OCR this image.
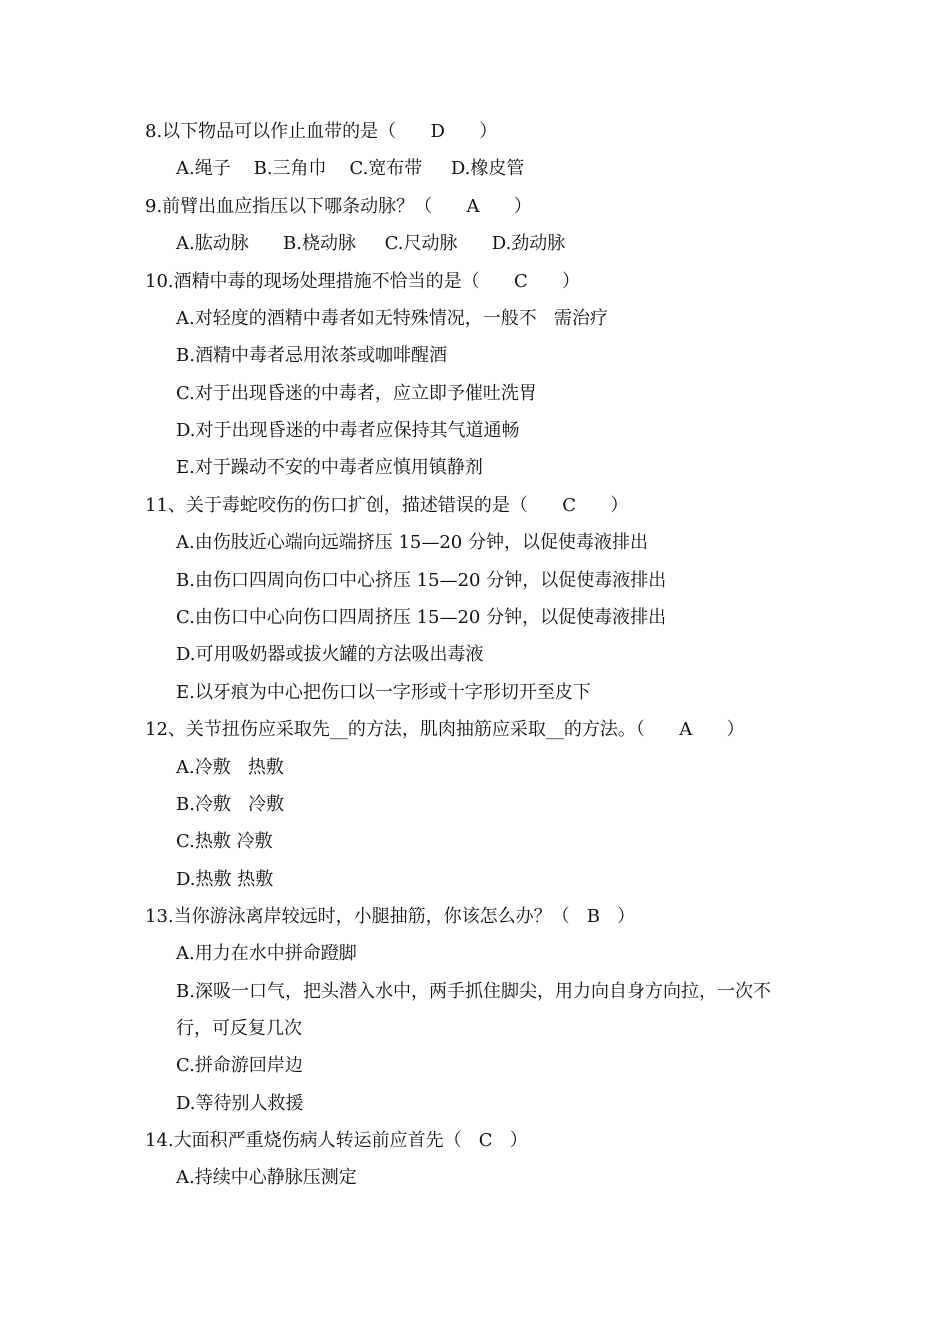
8.以下物品可以作止血带的是（      D      ）
A.绳子    B.三角巾    C.宽布带     D.橡皮管
9.前臂出血应指压以下哪条动脉？（      A      ）
A.肱动脉      B.桡动脉     C.尺动脉      D.劲动脉
10.酒精中毒的现场处理措施不恰当的是（      C      ）
A.对轻度的酒精中毒者如无特殊情况，一般不   需治疗
B.酒精中毒者忌用浓茶或咖啡醒酒
C.对于出现昏迷的中毒者，应立即予催吐洗胃
D.对于出现昏迷的中毒者应保持其气道通畅
E.对于躁动不安的中毒者应慎用镇静剂
11、关于毒蛇咬伤的伤口扩创，描述错误的是（      C      ）
A.由伤肢近心端向远端挤压 15—20 分钟，以促使毒液排出
B.由伤口四周向伤口中心挤压 15—20 分钟，以促使毒液排出
C.由伤口中心向伤口四周挤压 15—20 分钟，以促使毒液排出
D.可用吸奶器或拔火罐的方法吸出毒液
E.以牙痕为中心把伤口以一字形或十字形切开至皮下
12、关节扭伤应采取先__的方法，肌肉抽筋应采取__的方法。（      A      ）
A.冷敷   热敷
B.冷敷   冷敷
C.热敷 冷敷
D.热敷 热敷
13.当你游泳离岸较远时，小腿抽筋，你该怎么办？（   B   ）
A.用力在水中拼命蹬脚
B.深吸一口气，把头潜入水中，两手抓住脚尖，用力向自身方向拉，一次不
行，可反复几次
C.拼命游回岸边
D.等待别人救援
14.大面积严重烧伤病人转运前应首先（   C   ）
A.持续中心静脉压测定
